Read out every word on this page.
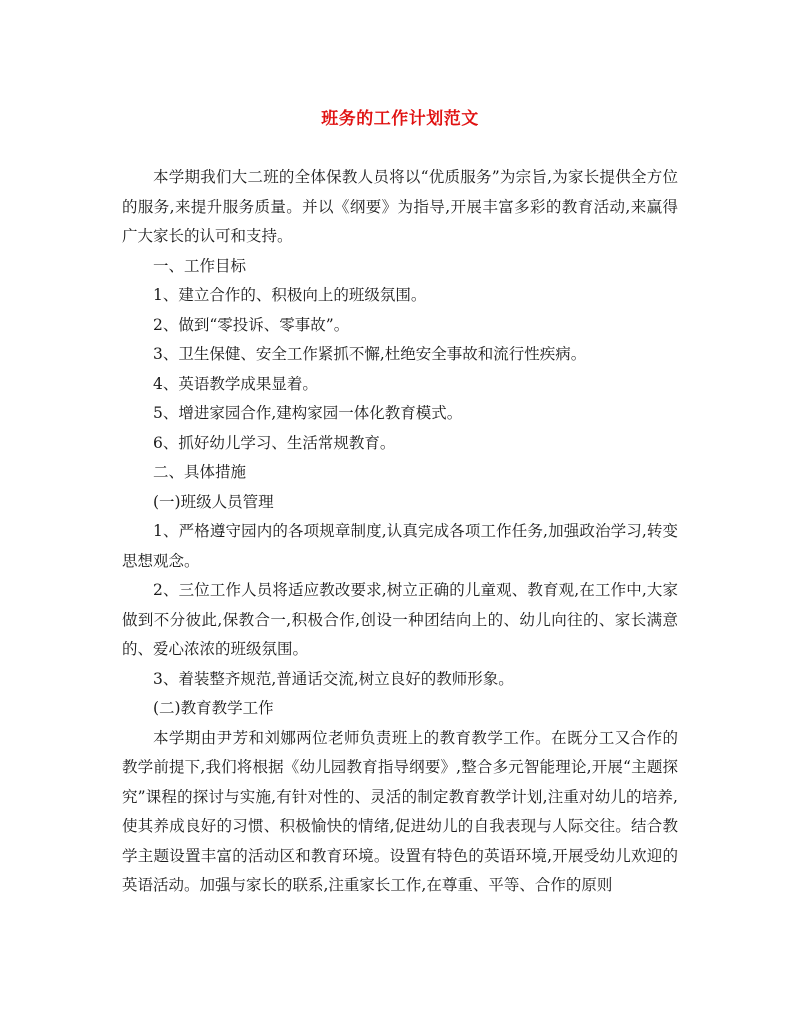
班务的工作计划范文

本学期我们大二班的全体保教人员将以“优质服务”为宗旨,为家长提供全方位的服务,来提升服务质量。并以《纲要》为指导,开展丰富多彩的教育活动,来赢得广大家长的认可和支持。

一、工作目标

1、建立合作的、积极向上的班级氛围。

2、做到“零投诉、零事故”。

3、卫生保健、安全工作紧抓不懈,杜绝安全事故和流行性疾病。

4、英语教学成果显着。

5、增进家园合作,建构家园一体化教育模式。

6、抓好幼儿学习、生活常规教育。

二、具体措施

(一)班级人员管理

1、严格遵守园内的各项规章制度,认真完成各项工作任务,加强政治学习,转变思想观念。

2、三位工作人员将适应教改要求,树立正确的儿童观、教育观,在工作中,大家做到不分彼此,保教合一,积极合作,创设一种团结向上的、幼儿向往的、家长满意的、爱心浓浓的班级氛围。

3、着装整齐规范,普通话交流,树立良好的教师形象。

(二)教育教学工作

本学期由尹芳和刘娜两位老师负责班上的教育教学工作。在既分工又合作的教学前提下,我们将根据《幼儿园教育指导纲要》,整合多元智能理论,开展“主题探究”课程的探讨与实施,有针对性的、灵活的制定教育教学计划,注重对幼儿的培养,使其养成良好的习惯、积极愉快的情绪,促进幼儿的自我表现与人际交往。结合教学主题设置丰富的活动区和教育环境。设置有特色的英语环境,开展受幼儿欢迎的英语活动。加强与家长的联系,注重家长工作,在尊重、平等、合作的原则
